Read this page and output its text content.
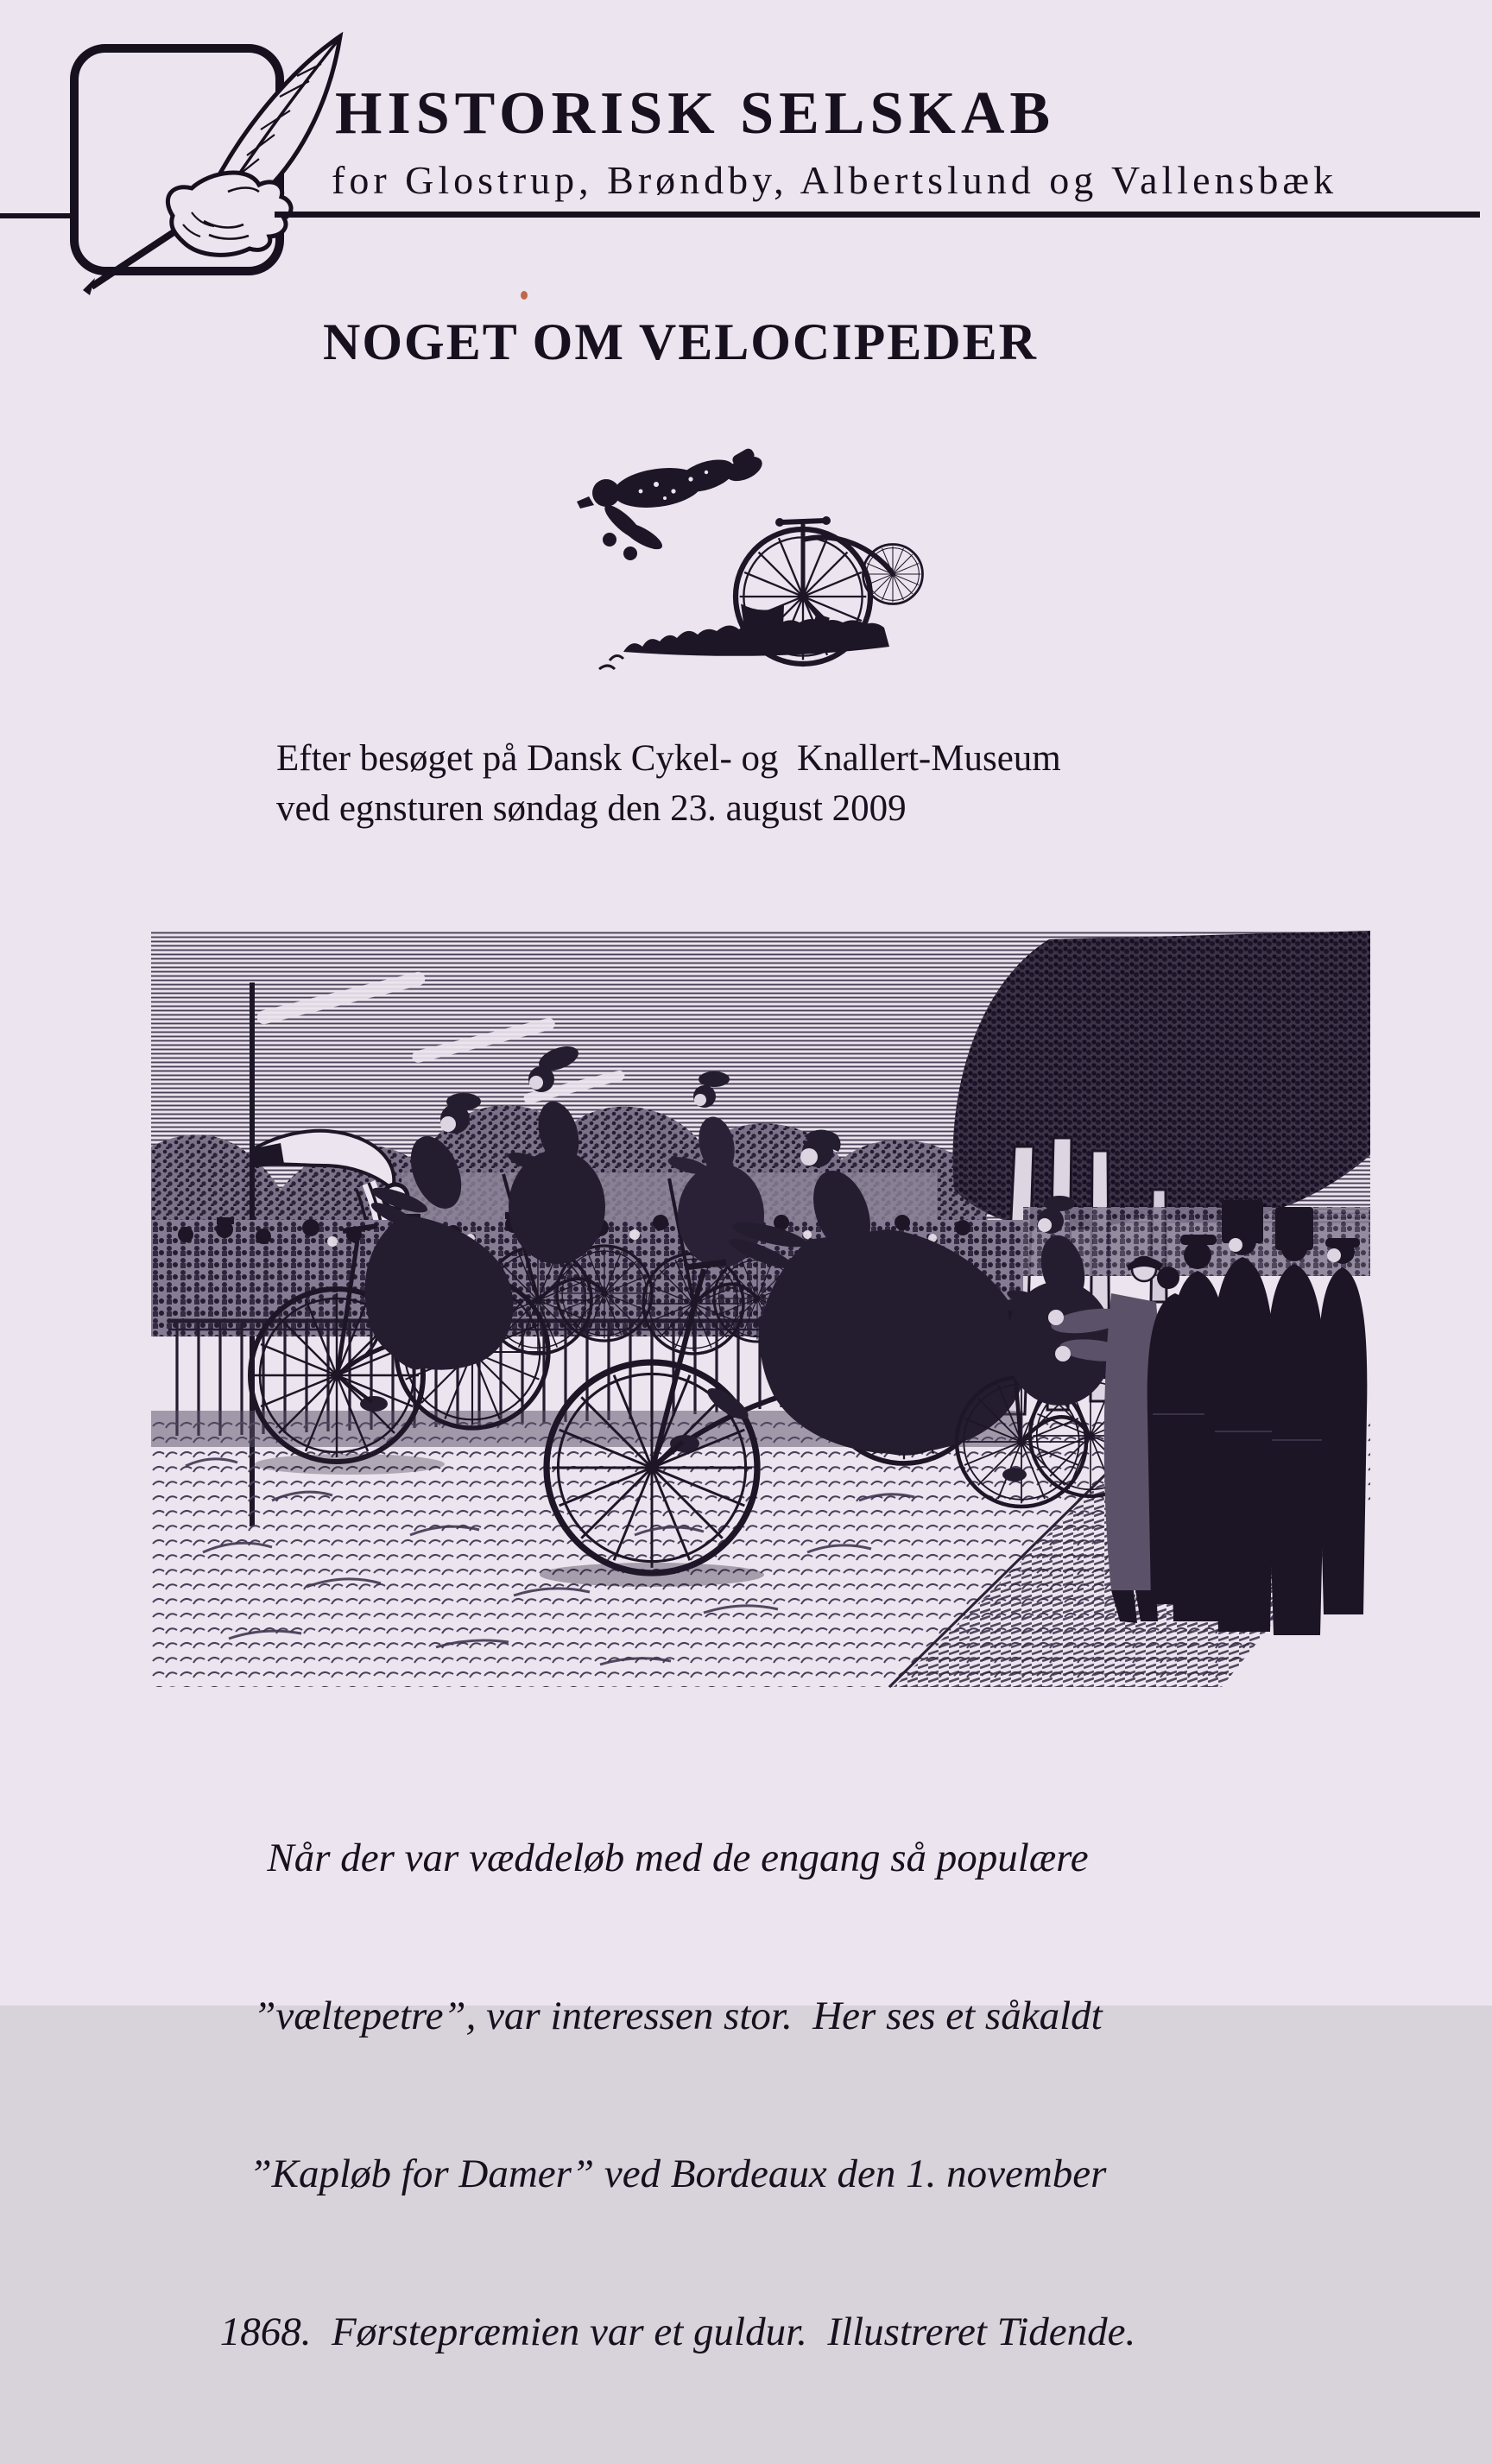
HISTORISK SELSKAB
for Glostrup, Brøndby, Albertslund og Vallensbæk
NOGET OM VELOCIPEDER

Efter besøget på Dansk Cykel- og  Knallert-Museum
ved egnsturen søndag den 23. august 2009

Når der var væddeløb med de engang så populære

”væltepetre”, var interessen stor.  Her ses et såkaldt

”Kapløb for Damer” ved Bordeaux den 1. november

1868.  Førstepræmien var et guldur.  Illustreret Tidende.
